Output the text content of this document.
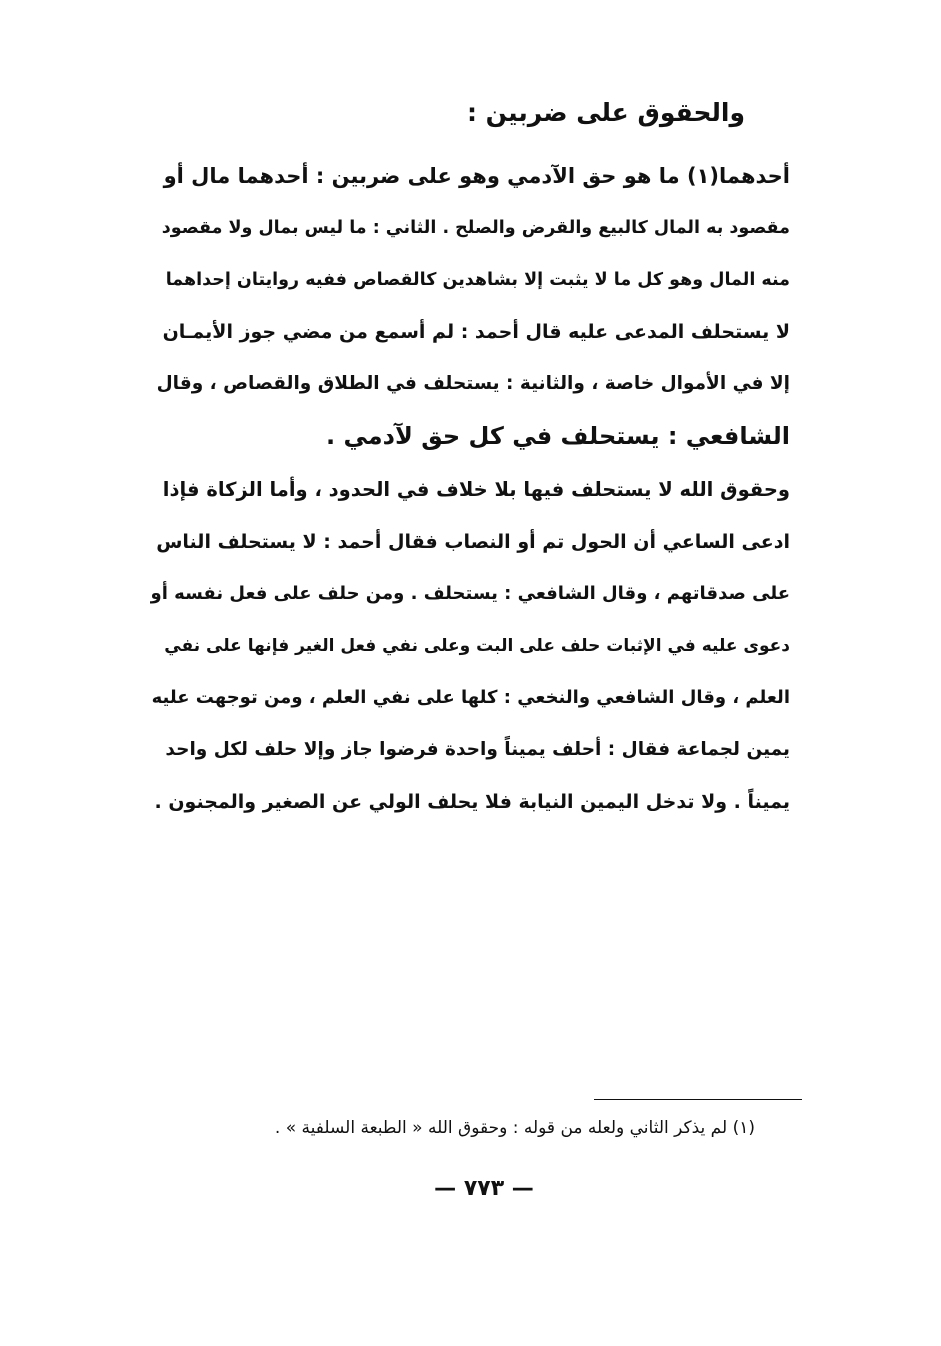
والحقوق على ضربين :
أحدهما(١) ما هو حق الآدمي وهو على ضربين : أحدهما مال أو
مقصود به المال كالبيع والقرض والصلح . الثاني : ما ليس بمال ولا مقصود
منه المال وهو كل ما لا يثبت إلا بشاهدين كالقصاص ففيه روايتان إحداهما
لا يستحلف المدعى عليه قال أحمد : لم أسمع من مضي جوز الأيمـان
إلا في الأموال خاصة ، والثانية : يستحلف في الطلاق والقصاص ، وقال
الشافعي : يستحلف في كل حق لآدمي .
وحقوق الله لا يستحلف فيها بلا خلاف في الحدود ، وأما الزكاة فإذا
ادعى الساعي أن الحول تم أو النصاب فقال أحمد : لا يستحلف الناس
على صدقاتهم ، وقال الشافعي : يستحلف . ومن حلف على فعل نفسه أو
دعوى عليه في الإثبات حلف على البت وعلى نفي فعل الغير فإنها على نفي
العلم ، وقال الشافعي والنخعي : كلها على نفي العلم ، ومن توجهت عليه
يمين لجماعة فقال : أحلف يميناً واحدة فرضوا جاز وإلا حلف لكل واحد
يميناً . ولا تدخل اليمين النيابة فلا يحلف الولي عن الصغير والمجنون .
(١) لم يذكر الثاني ولعله من قوله : وحقوق الله « الطبعة السلفية » .
— ٧٧٣ —
